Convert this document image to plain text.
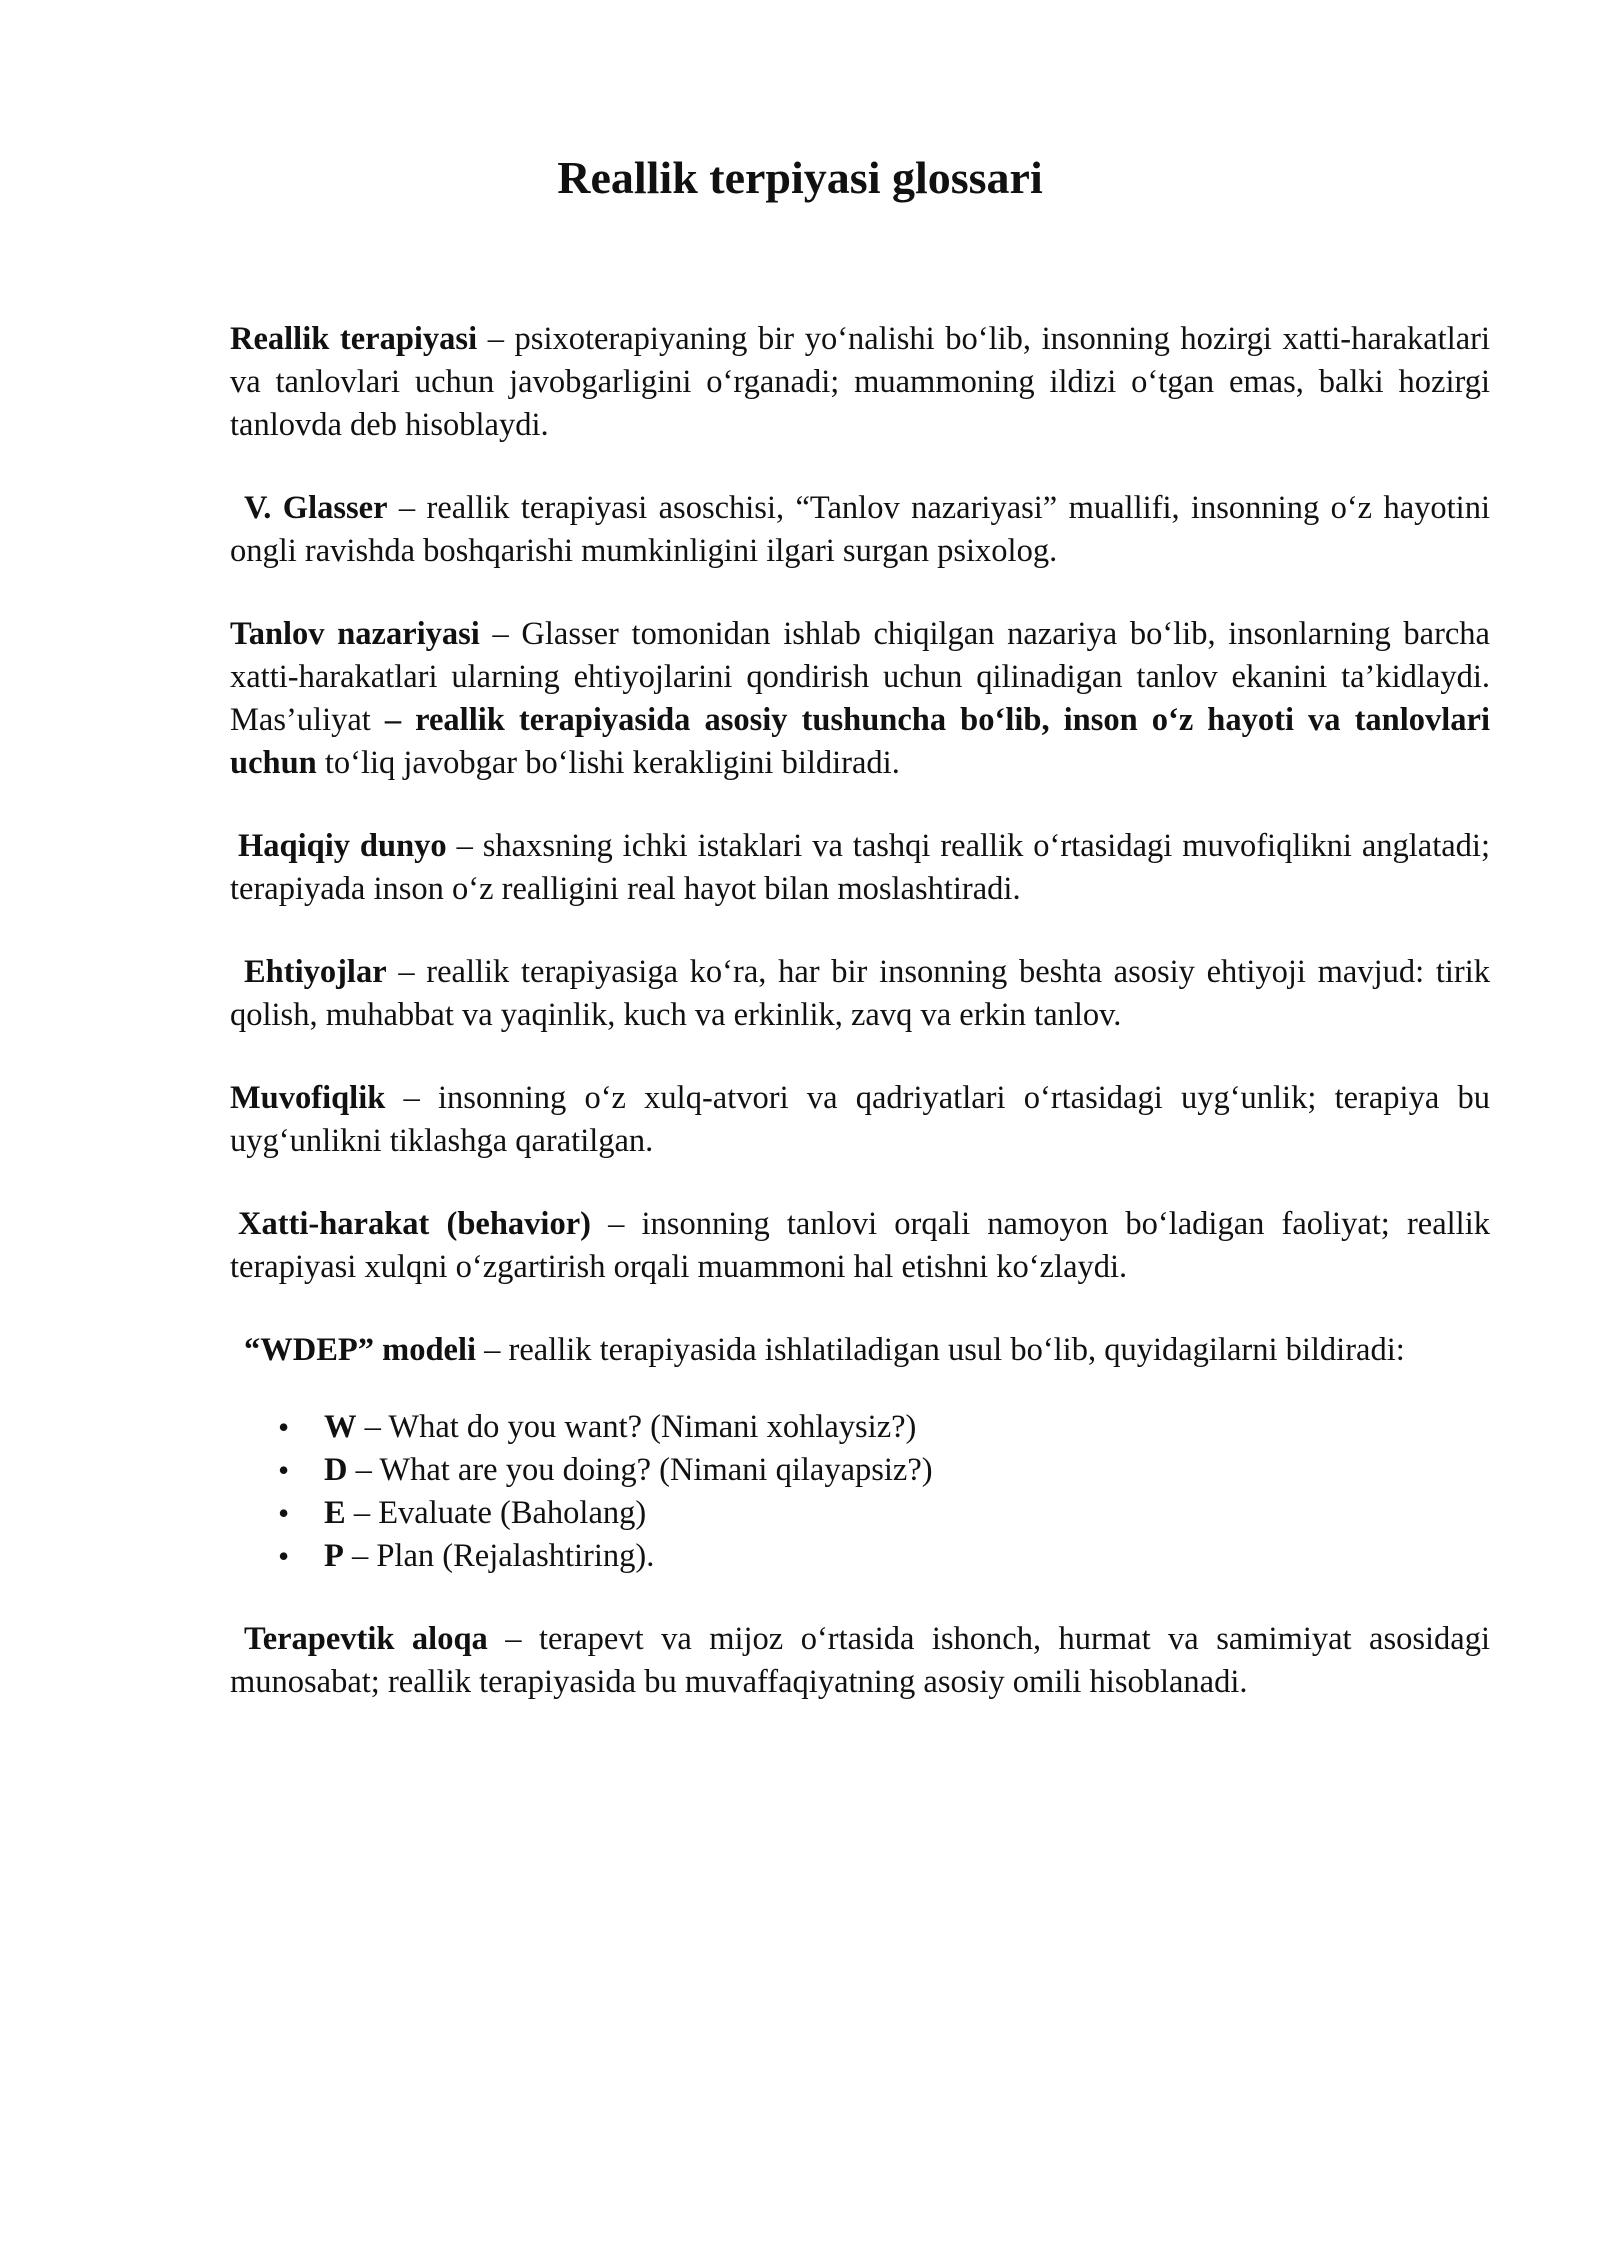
Reallik terpiyasi glossari

Reallik terapiyasi – psixoterapiyaning bir yo‘nalishi bo‘lib, insonning hozirgi xatti-harakatlari va tanlovlari uchun javobgarligini o‘rganadi; muammoning ildizi o‘tgan emas, balki hozirgi tanlovda deb hisoblaydi.

V. Glasser – reallik terapiyasi asoschisi, “Tanlov nazariyasi” muallifi, insonning o‘z hayotini ongli ravishda boshqarishi mumkinligini ilgari surgan psixolog.

Tanlov nazariyasi – Glasser tomonidan ishlab chiqilgan nazariya bo‘lib, insonlarning barcha xatti-harakatlari ularning ehtiyojlarini qondirish uchun qilinadigan tanlov ekanini ta’kidlaydi. Mas’uliyat – reallik terapiyasida asosiy tushuncha bo‘lib, inson o‘z hayoti va tanlovlari uchun to‘liq javobgar bo‘lishi kerakligini bildiradi.

Haqiqiy dunyo – shaxsning ichki istaklari va tashqi reallik o‘rtasidagi muvofiqlikni anglatadi; terapiyada inson o‘z realligini real hayot bilan moslashtiradi.

Ehtiyojlar – reallik terapiyasiga ko‘ra, har bir insonning beshta asosiy ehtiyoji mavjud: tirik qolish, muhabbat va yaqinlik, kuch va erkinlik, zavq va erkin tanlov.

Muvofiqlik – insonning o‘z xulq-atvori va qadriyatlari o‘rtasidagi uyg‘unlik; terapiya bu uyg‘unlikni tiklashga qaratilgan.

Xatti-harakat (behavior) – insonning tanlovi orqali namoyon bo‘ladigan faoliyat; reallik terapiyasi xulqni o‘zgartirish orqali muammoni hal etishni ko‘zlaydi.

“WDEP” modeli – reallik terapiyasida ishlatiladigan usul bo‘lib, quyidagilarni bildiradi:

• W – What do you want? (Nimani xohlaysiz?)
• D – What are you doing? (Nimani qilayapsiz?)
• E – Evaluate (Baholang)
• P – Plan (Rejalashtiring).

Terapevtik aloqa – terapevt va mijoz o‘rtasida ishonch, hurmat va samimiyat asosidagi munosabat; reallik terapiyasida bu muvaffaqiyatning asosiy omili hisoblanadi.
